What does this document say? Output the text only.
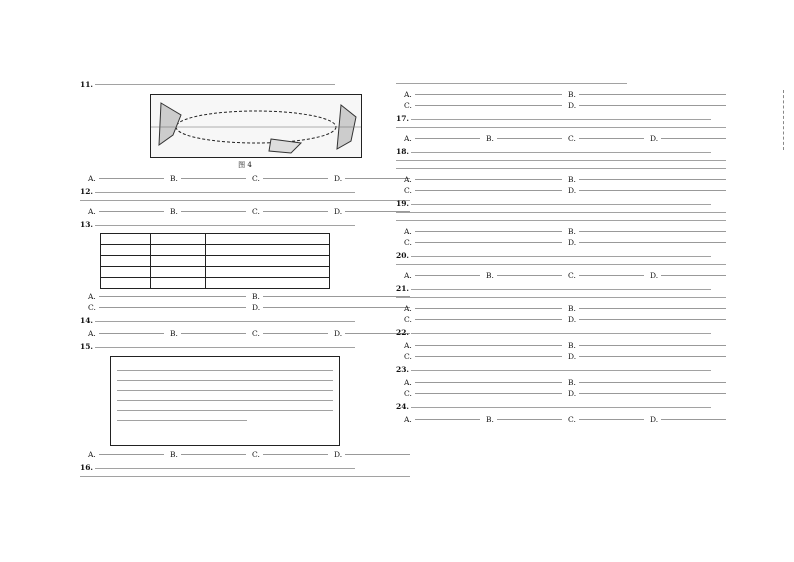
11.
图 4
A.	B.	C.	D.
12.
A.	B.	C.	D.
13.

A.	B.
C.	D.
14.
A.	B.	C.	D.
15.
A.	B.	C.	D.
16.
A.	B.
C.	D.
17.
A.	B.	C.	D.
18.
A.	B.
C.	D.
19.
A.	B.
C.	D.
20.
A.	B.	C.	D.
21.
A.	B.
C.	D.
22.
A.	B.
C.	D.
23.
A.	B.
C.	D.
24.
A.	B.	C.	D.
